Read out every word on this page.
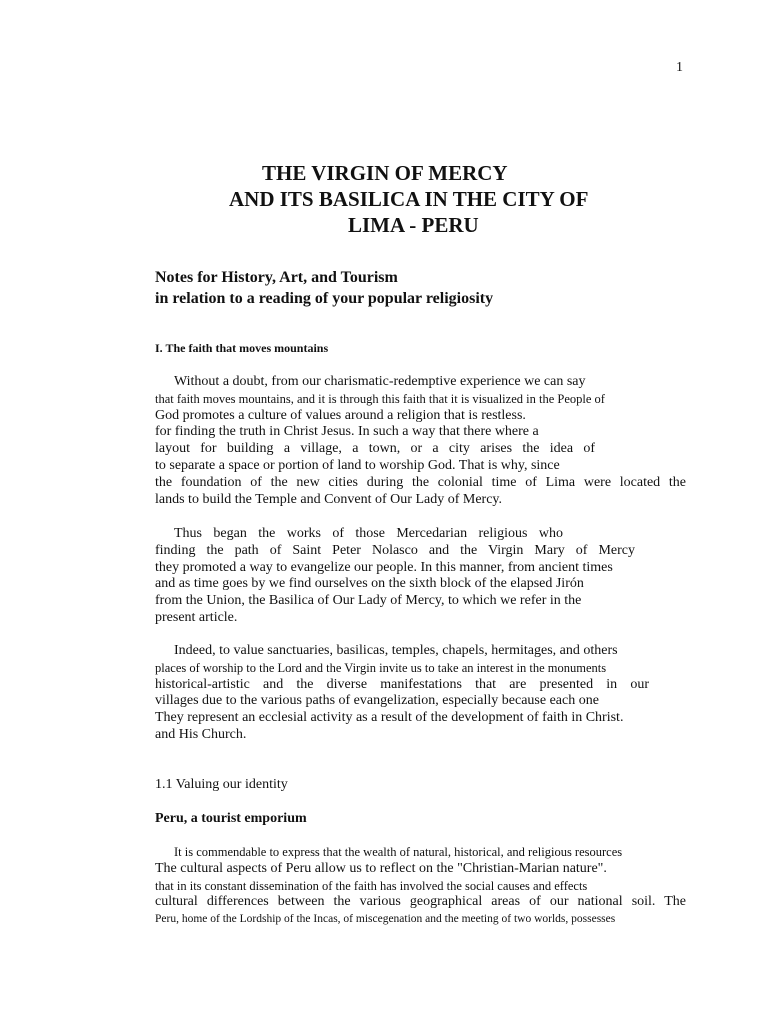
1
THE VIRGIN OF MERCY
AND ITS BASILICA IN THE CITY OF
LIMA - PERU
Notes for History, Art, and Tourism
in relation to a reading of your popular religiosity
I. The faith that moves mountains
Without a doubt, from our charismatic-redemptive experience we can say
that faith moves mountains, and it is through this faith that it is visualized in the People of
God promotes a culture of values around a religion that is restless.
for finding the truth in Christ Jesus. In such a way that there where a
layout for building a village, a town, or a city arises the idea of
to separate a space or portion of land to worship God. That is why, since
the foundation of the new cities during the colonial time of Lima were located the
lands to build the Temple and Convent of Our Lady of Mercy.
Thus began the works of those Mercedarian religious who
finding the path of Saint Peter Nolasco and the Virgin Mary of Mercy
they promoted a way to evangelize our people. In this manner, from ancient times
and as time goes by we find ourselves on the sixth block of the elapsed Jirón
from the Union, the Basilica of Our Lady of Mercy, to which we refer in the
present article.
Indeed, to value sanctuaries, basilicas, temples, chapels, hermitages, and others
places of worship to the Lord and the Virgin invite us to take an interest in the monuments
historical-artistic and the diverse manifestations that are presented in our
villages due to the various paths of evangelization, especially because each one
They represent an ecclesial activity as a result of the development of faith in Christ.
and His Church.
1.1 Valuing our identity
Peru, a tourist emporium
It is commendable to express that the wealth of natural, historical, and religious resources
The cultural aspects of Peru allow us to reflect on the "Christian-Marian nature".
that in its constant dissemination of the faith has involved the social causes and effects
cultural differences between the various geographical areas of our national soil. The
Peru, home of the Lordship of the Incas, of miscegenation and the meeting of two worlds, possesses
